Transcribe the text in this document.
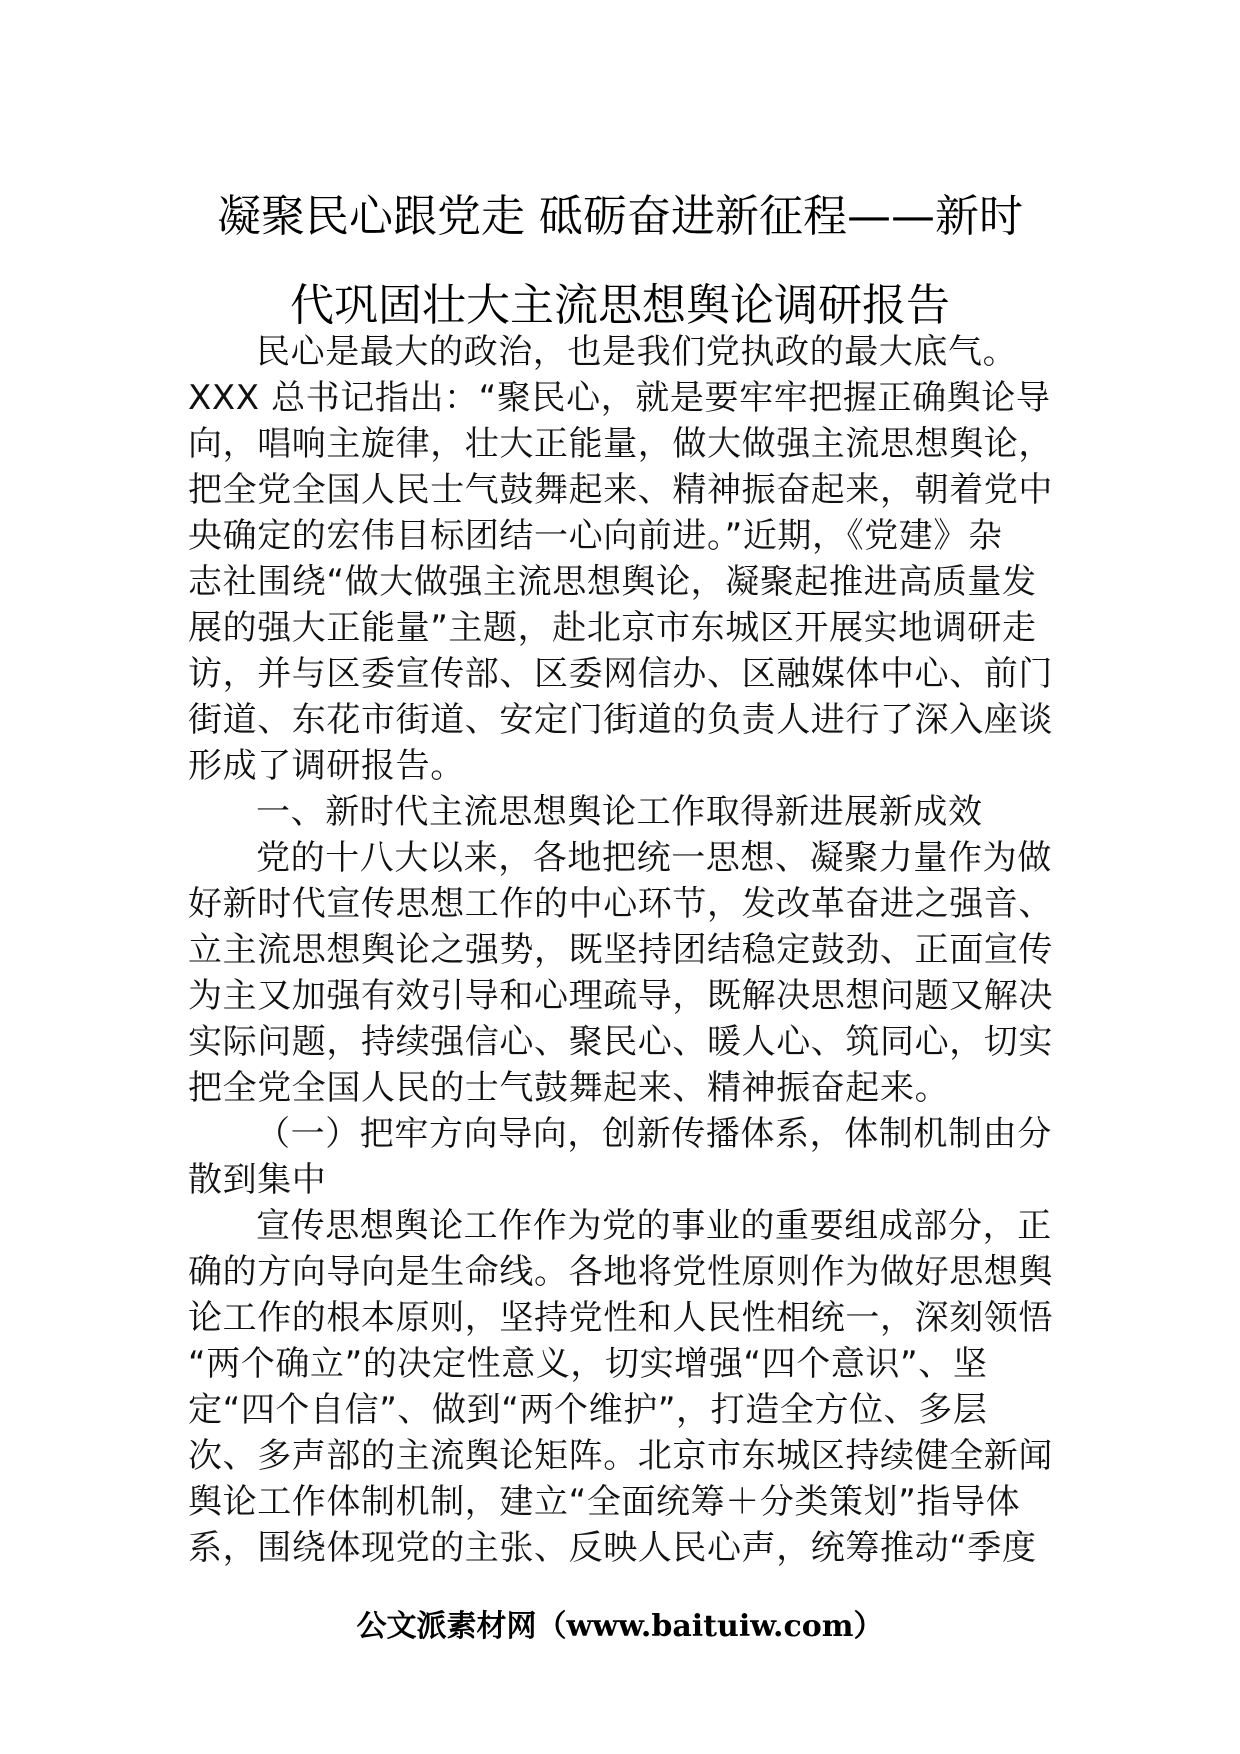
凝聚民心跟党走 砥砺奋进新征程——新时
代巩固壮大主流思想舆论调研报告
民心是最大的政治，也是我们党执政的最大底气。
XXX 总书记指出：“聚民心，就是要牢牢把握正确舆论导
向，唱响主旋律，壮大正能量，做大做强主流思想舆论，
把全党全国人民士气鼓舞起来、精神振奋起来，朝着党中
央确定的宏伟目标团结一心向前进。”近期，《党建》杂
志社围绕“做大做强主流思想舆论，凝聚起推进高质量发
展的强大正能量”主题，赴北京市东城区开展实地调研走
访，并与区委宣传部、区委网信办、区融媒体中心、前门
街道、东花市街道、安定门街道的负责人进行了深入座谈
形成了调研报告。
一、新时代主流思想舆论工作取得新进展新成效
党的十八大以来，各地把统一思想、凝聚力量作为做
好新时代宣传思想工作的中心环节，发改革奋进之强音、
立主流思想舆论之强势，既坚持团结稳定鼓劲、正面宣传
为主又加强有效引导和心理疏导，既解决思想问题又解决
实际问题，持续强信心、聚民心、暖人心、筑同心，切实
把全党全国人民的士气鼓舞起来、精神振奋起来。
（一）把牢方向导向，创新传播体系，体制机制由分
散到集中
宣传思想舆论工作作为党的事业的重要组成部分，正
确的方向导向是生命线。各地将党性原则作为做好思想舆
论工作的根本原则，坚持党性和人民性相统一，深刻领悟
“两个确立”的决定性意义，切实增强“四个意识”、坚
定“四个自信”、做到“两个维护”，打造全方位、多层
次、多声部的主流舆论矩阵。北京市东城区持续健全新闻
舆论工作体制机制，建立“全面统筹＋分类策划”指导体
系，围绕体现党的主张、反映人民心声，统筹推动“季度
公文派素材网（www.baituiw.com）
